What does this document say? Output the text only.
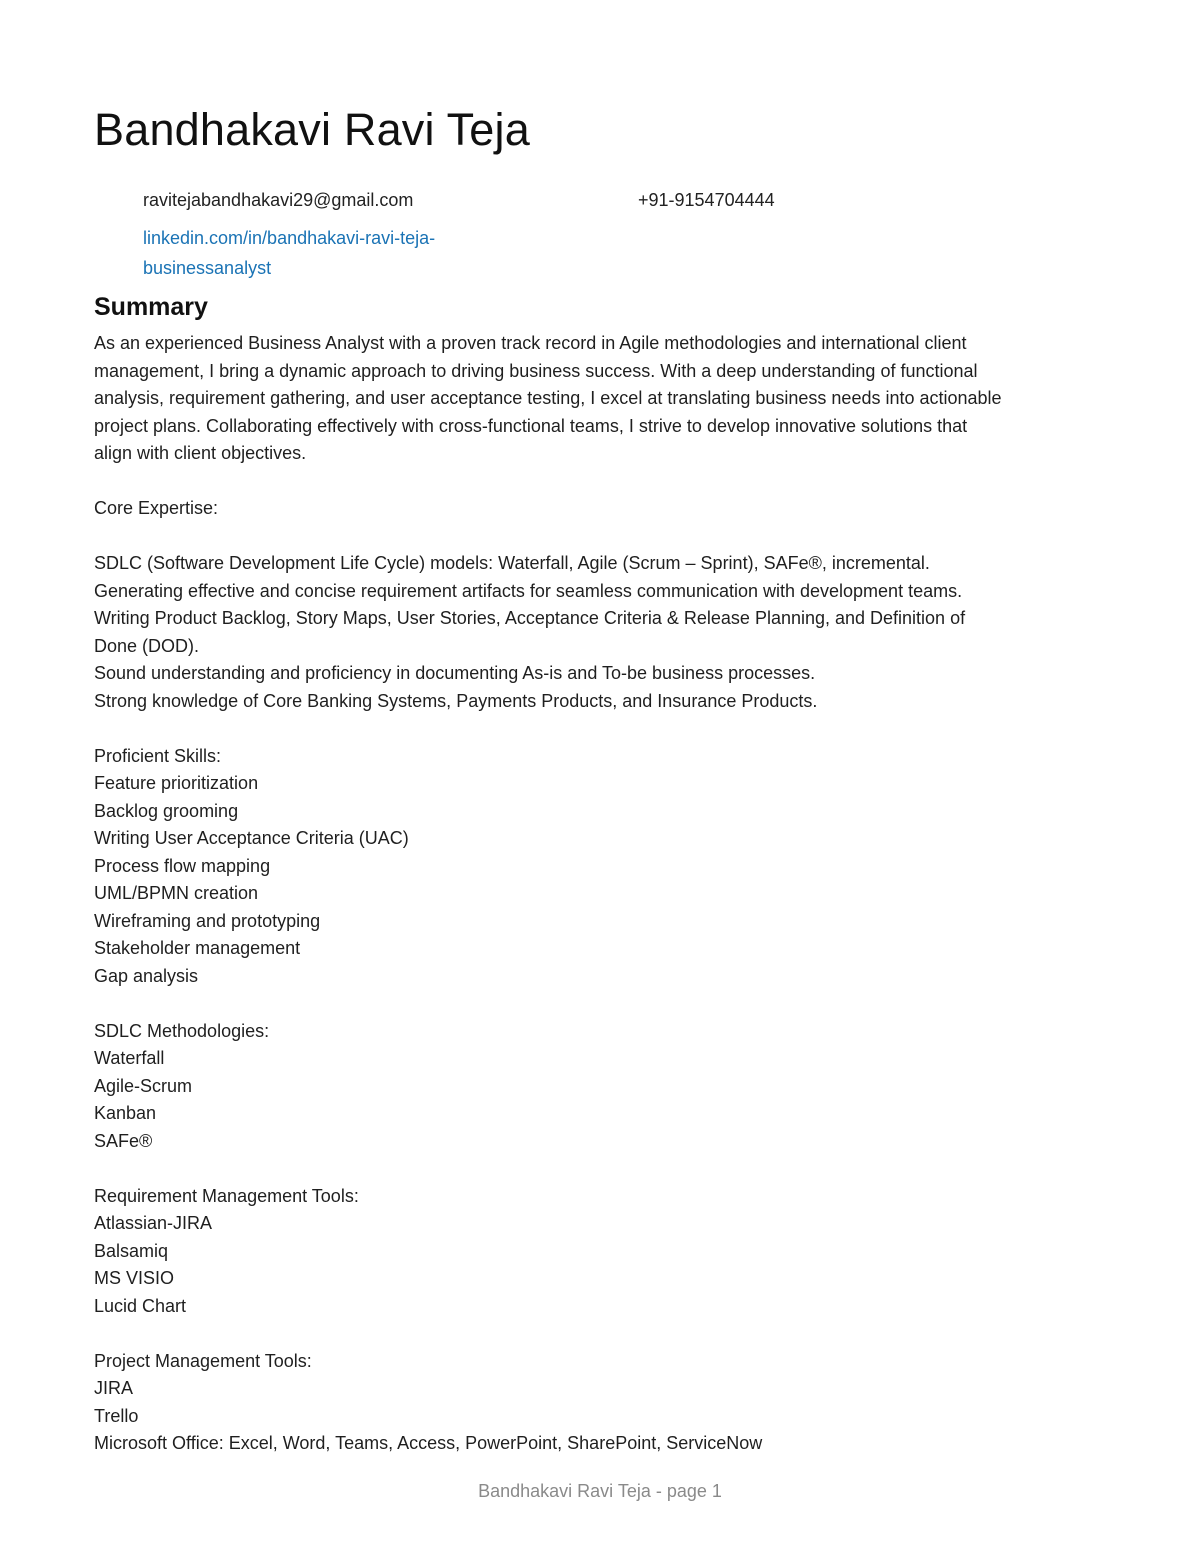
Bandhakavi Ravi Teja
ravitejabandhakavi29@gmail.com	+91-9154704444
linkedin.com/in/bandhakavi-ravi-teja-
businessanalyst
Summary
As an experienced Business Analyst with a proven track record in Agile methodologies and international client
management, I bring a dynamic approach to driving business success. With a deep understanding of functional
analysis, requirement gathering, and user acceptance testing, I excel at translating business needs into actionable
project plans. Collaborating effectively with cross-functional teams, I strive to develop innovative solutions that
align with client objectives.
Core Expertise:
SDLC (Software Development Life Cycle) models: Waterfall, Agile (Scrum – Sprint), SAFe®, incremental.
Generating effective and concise requirement artifacts for seamless communication with development teams.
Writing Product Backlog, Story Maps, User Stories, Acceptance Criteria & Release Planning, and Definition of
Done (DOD).
Sound understanding and proficiency in documenting As-is and To-be business processes.
Strong knowledge of Core Banking Systems, Payments Products, and Insurance Products.
Proficient Skills:
Feature prioritization
Backlog grooming
Writing User Acceptance Criteria (UAC)
Process flow mapping
UML/BPMN creation
Wireframing and prototyping
Stakeholder management
Gap analysis
SDLC Methodologies:
Waterfall
Agile-Scrum
Kanban
SAFe®
Requirement Management Tools:
Atlassian-JIRA
Balsamiq
MS VISIO
Lucid Chart
Project Management Tools:
JIRA
Trello
Microsoft Office: Excel, Word, Teams, Access, PowerPoint, SharePoint, ServiceNow
Bandhakavi Ravi Teja - page 1
